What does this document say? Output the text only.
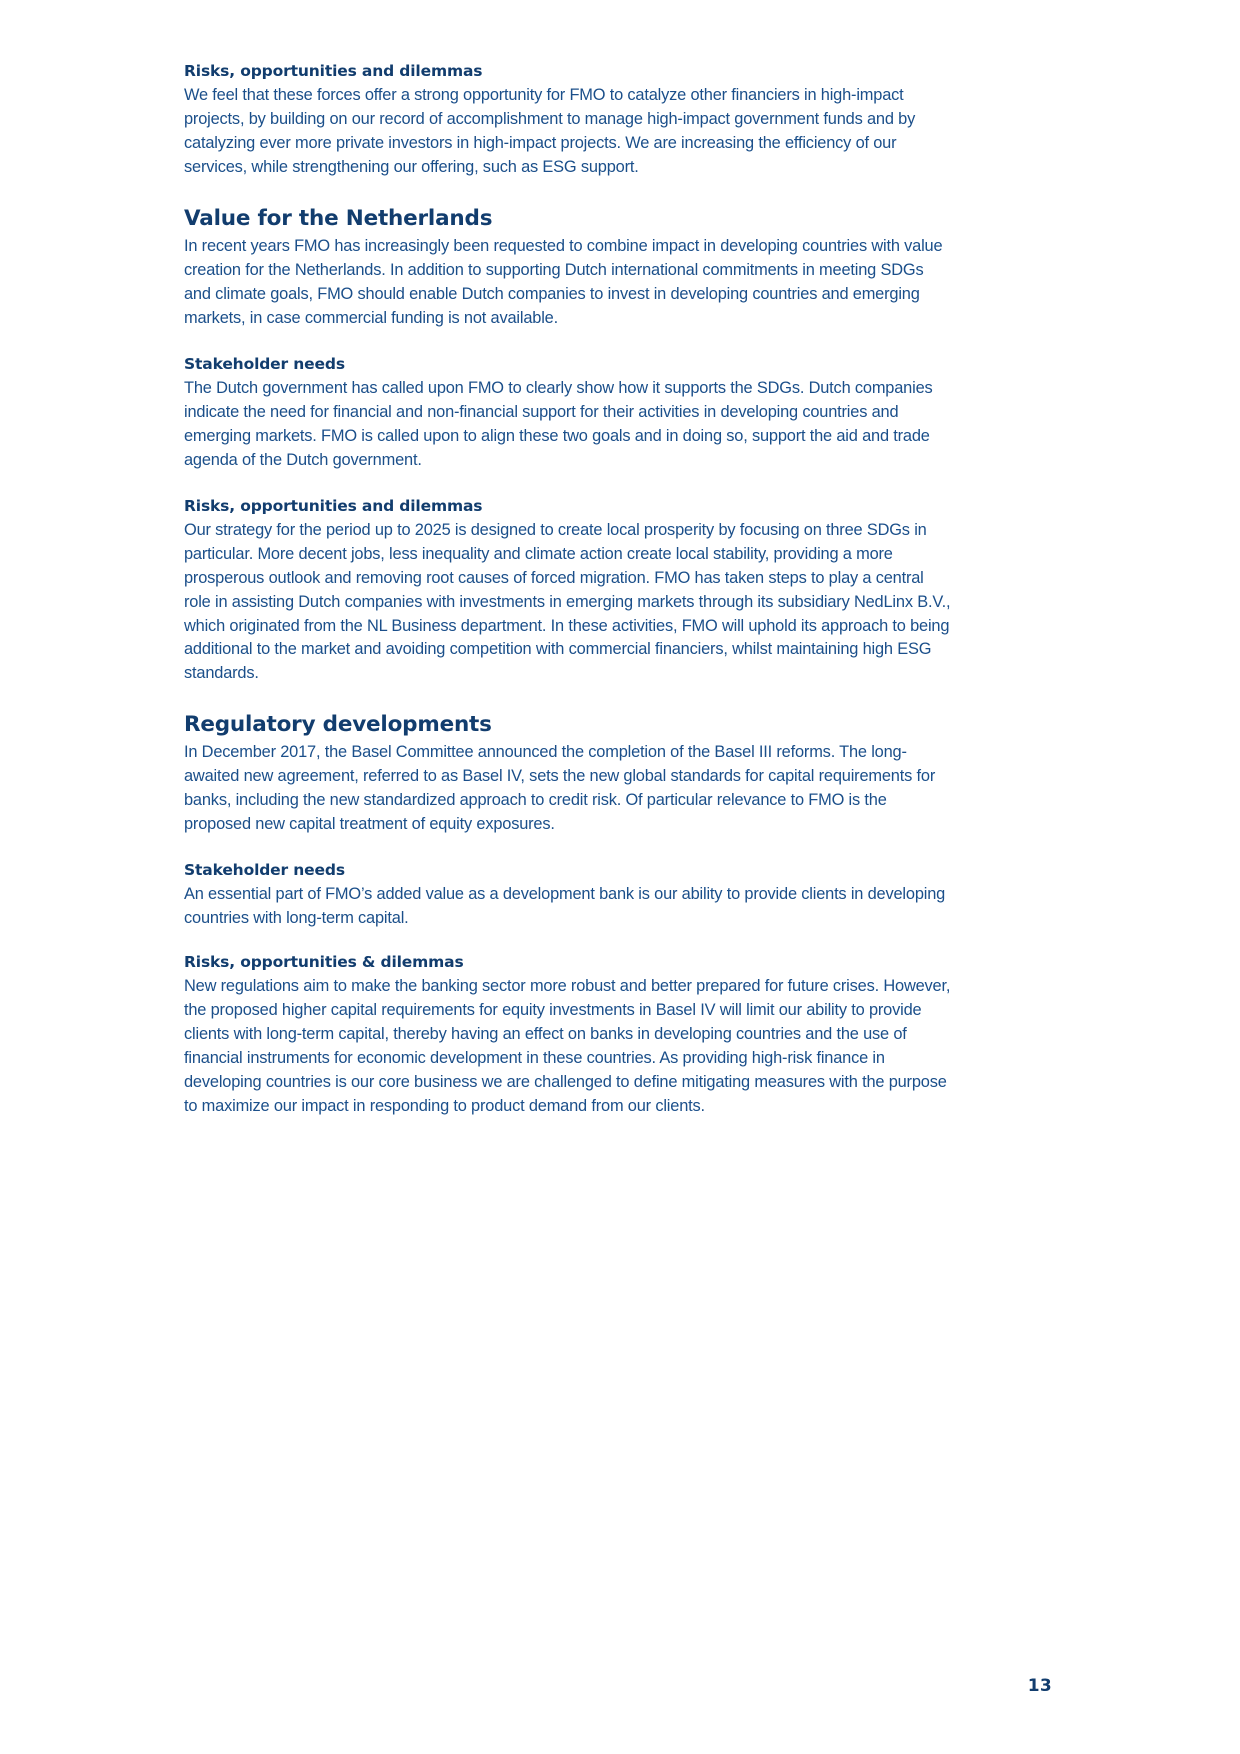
Risks, opportunities and dilemmas

We feel that these forces offer a strong opportunity for FMO to catalyze other financiers in high-impact projects, by building on our record of accomplishment to manage high-impact government funds and by catalyzing ever more private investors in high-impact projects. We are increasing the efficiency of our services, while strengthening our offering, such as ESG support.

Value for the Netherlands

In recent years FMO has increasingly been requested to combine impact in developing countries with value creation for the Netherlands. In addition to supporting Dutch international commitments in meeting SDGs and climate goals, FMO should enable Dutch companies to invest in developing countries and emerging markets, in case commercial funding is not available.

Stakeholder needs

The Dutch government has called upon FMO to clearly show how it supports the SDGs. Dutch companies indicate the need for financial and non-financial support for their activities in developing countries and emerging markets. FMO is called upon to align these two goals and in doing so, support the aid and trade agenda of the Dutch government.

Risks, opportunities and dilemmas

Our strategy for the period up to 2025 is designed to create local prosperity by focusing on three SDGs in particular. More decent jobs, less inequality and climate action create local stability, providing a more prosperous outlook and removing root causes of forced migration. FMO has taken steps to play a central role in assisting Dutch companies with investments in emerging markets through its subsidiary NedLinx B.V., which originated from the NL Business department. In these activities, FMO will uphold its approach to being additional to the market and avoiding competition with commercial financiers, whilst maintaining high ESG standards.

Regulatory developments

In December 2017, the Basel Committee announced the completion of the Basel III reforms. The long-awaited new agreement, referred to as Basel IV, sets the new global standards for capital requirements for banks, including the new standardized approach to credit risk. Of particular relevance to FMO is the proposed new capital treatment of equity exposures.

Stakeholder needs

An essential part of FMO’s added value as a development bank is our ability to provide clients in developing countries with long-term capital.

Risks, opportunities & dilemmas

New regulations aim to make the banking sector more robust and better prepared for future crises. However, the proposed higher capital requirements for equity investments in Basel IV will limit our ability to provide clients with long-term capital, thereby having an effect on banks in developing countries and the use of financial instruments for economic development in these countries. As providing high-risk finance in developing countries is our core business we are challenged to define mitigating measures with the purpose to maximize our impact in responding to product demand from our clients.

13
